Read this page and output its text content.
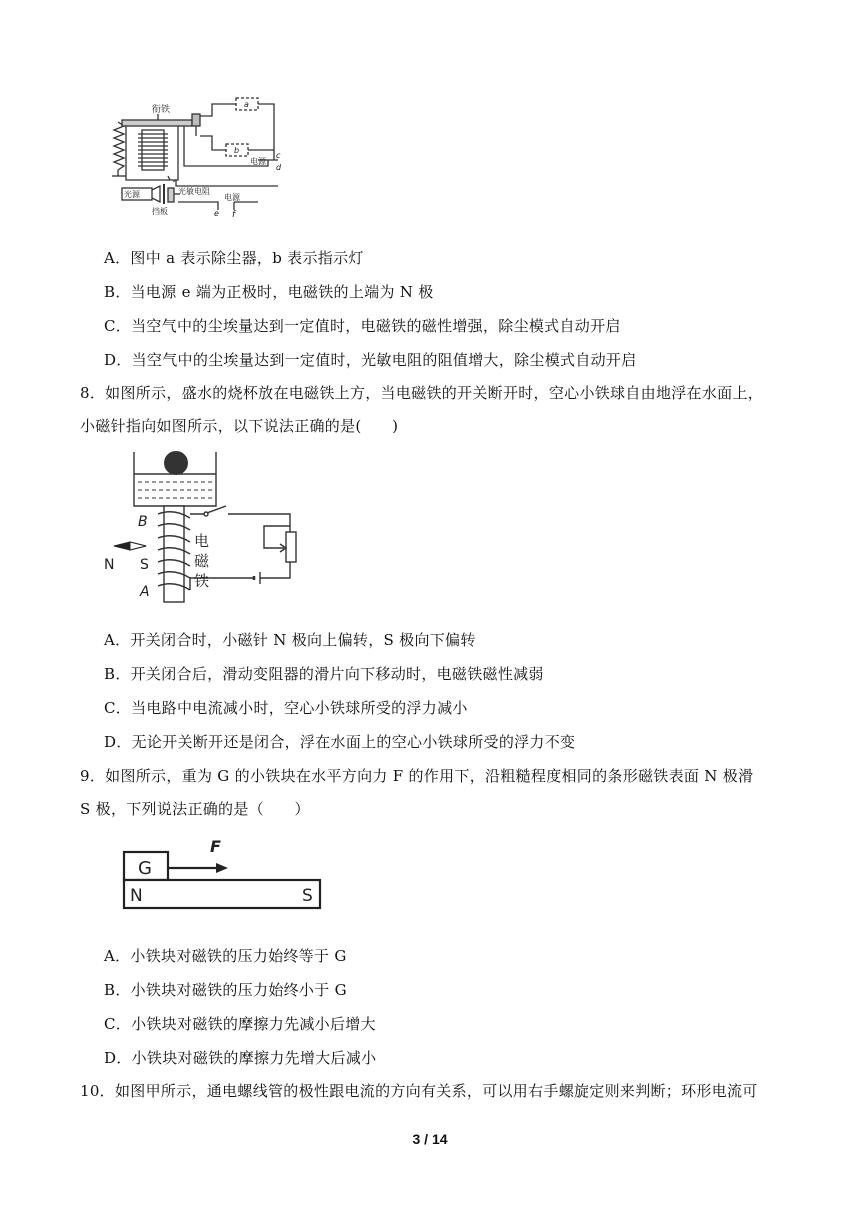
衔铁
a
b
电源
c
d
光源	光敏电阻
挡板
电源
e f
A．图中 a 表示除尘器，b 表示指示灯
B．当电源 e 端为正极时，电磁铁的上端为 N 极
C．当空气中的尘埃量达到一定值时，电磁铁的磁性增强，除尘模式自动开启
D．当空气中的尘埃量达到一定值时，光敏电阻的阻值增大，除尘模式自动开启
8．如图所示，盛水的烧杯放在电磁铁上方，当电磁铁的开关断开时，空心小铁球自由地浮在水面上，
小磁针指向如图所示，以下说法正确的是(　　)
B
A
N S
电
磁
铁
A．开关闭合时，小磁针 N 极向上偏转，S 极向下偏转
B．开关闭合后，滑动变阻器的滑片向下移动时，电磁铁磁性减弱
C．当电路中电流减小时，空心小铁球所受的浮力减小
D．无论开关断开还是闭合，浮在水面上的空心小铁球所受的浮力不变
9．如图所示，重为 G 的小铁块在水平方向力 F 的作用下，沿粗糙程度相同的条形磁铁表面 N 极滑
S 极，下列说法正确的是（　　）
G
F
N	S
A．小铁块对磁铁的压力始终等于 G
B．小铁块对磁铁的压力始终小于 G
C．小铁块对磁铁的摩擦力先减小后增大
D．小铁块对磁铁的摩擦力先增大后减小
10．如图甲所示，通电螺线管的极性跟电流的方向有关系，可以用右手螺旋定则来判断；环形电流可
3 / 14
